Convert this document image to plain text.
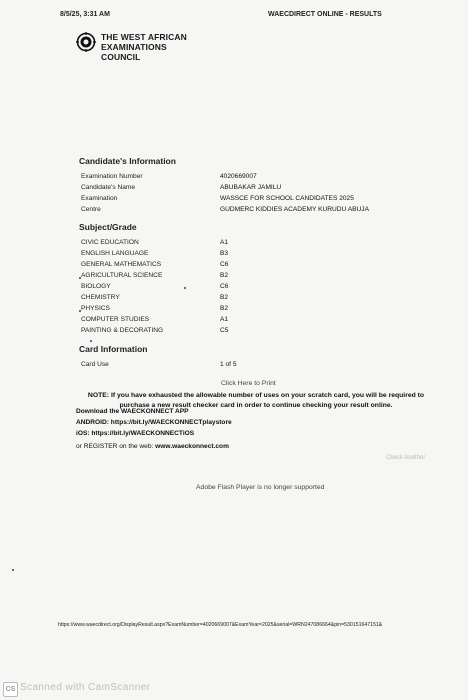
8/5/25, 3:31 AM	WAECDIRECT ONLINE - RESULTS
THE WEST AFRICAN EXAMINATIONS COUNCIL
Candidate's Information
Examination Number	4020669007
Candidate's Name	ABUBAKAR JAMILU
Examination	WASSCE FOR SCHOOL CANDIDATES 2025
Centre	GUDMERC KIDDIES ACADEMY KURUDU ABUJA
Subject/Grade
CIVIC EDUCATION	A1
ENGLISH LANGUAGE	B3
GENERAL MATHEMATICS	C6
AGRICULTURAL SCIENCE	B2
BIOLOGY	C6
CHEMISTRY	B2
PHYSICS	B2
COMPUTER STUDIES	A1
PAINTING & DECORATING	C5
Card Information
Card Use	1 of 5
Click Here to Print
NOTE: If you have exhausted the allowable number of uses on your scratch card, you will be required to
purchase a new result checker card in order to continue checking your result online.
Download the WAECKONNECT APP
ANDROID: https://bit.ly/WAECKONNECTplaystore
iOS: https://bit.ly/WAECKONNECTiOS
or REGISTER on the web: www.waeckonnect.com
Check Another
Adobe Flash Player is no longer supported
https://www.waecdirect.org/DisplayResult.aspx?ExamNumber=4020669007&ExamYear=2025&serial=WRN247086664&pin=530151647151&
CS Scanned with CamScanner
